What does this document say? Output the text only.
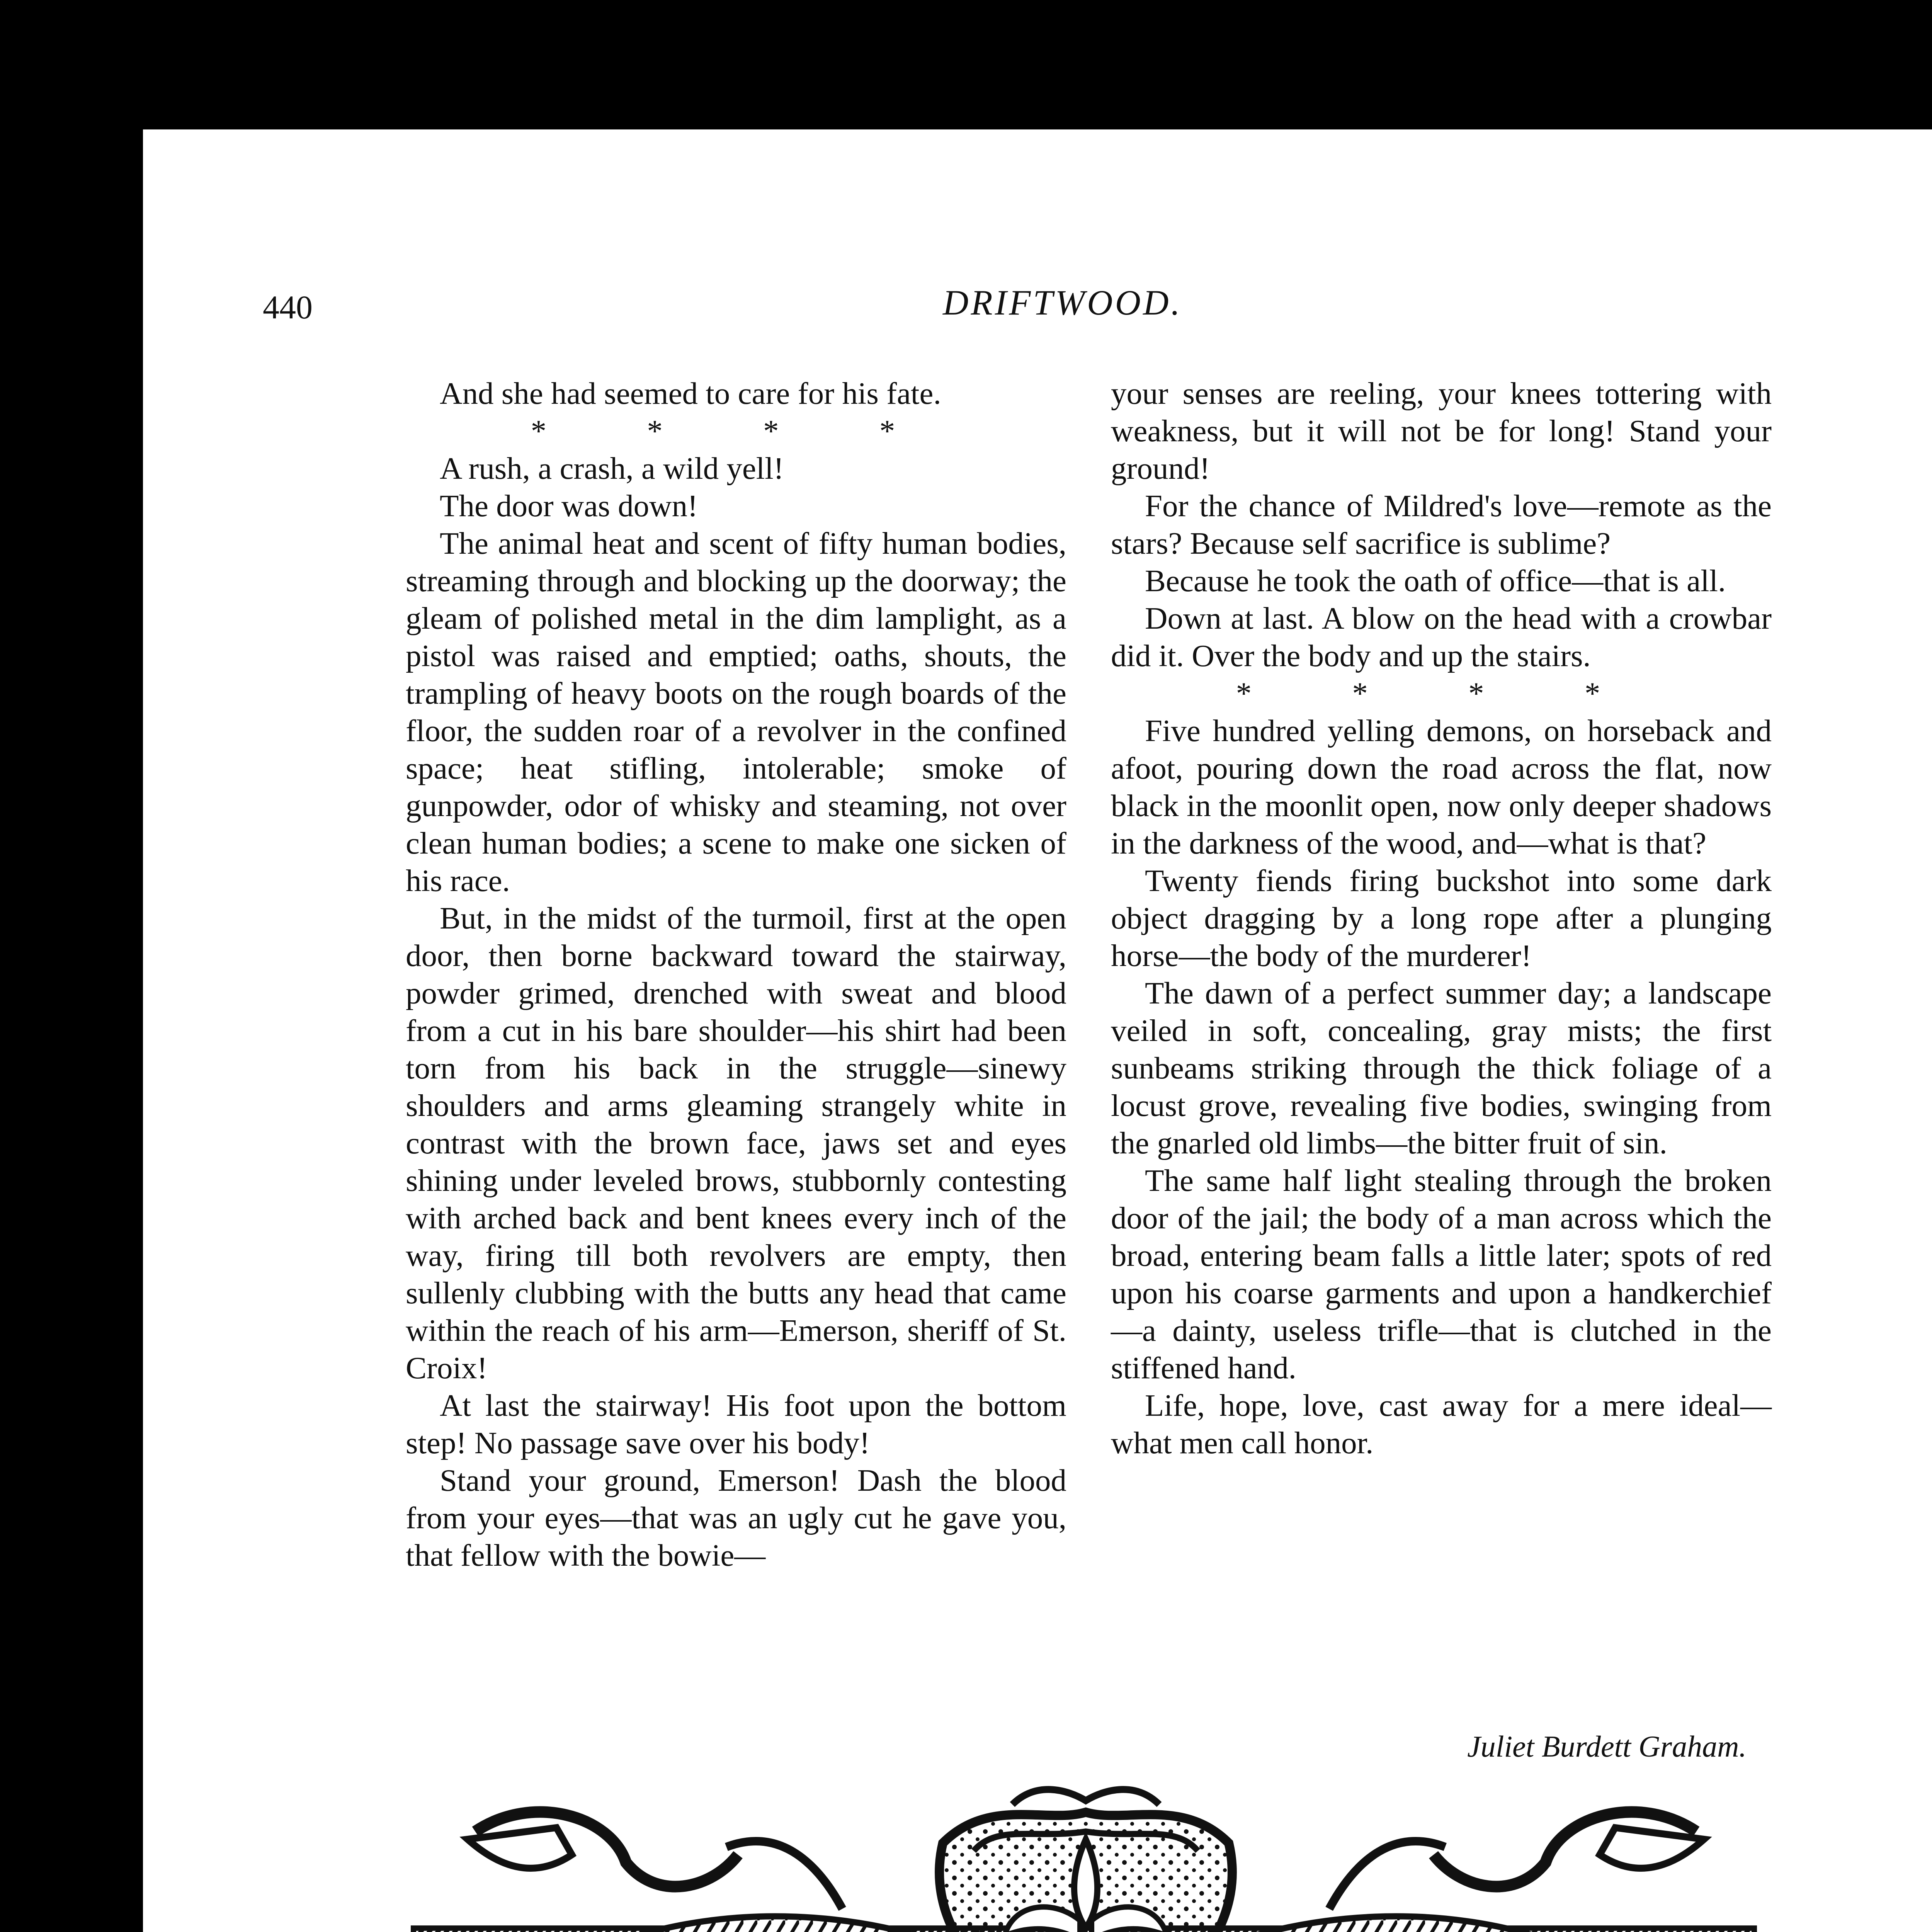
440	DRIFTWOOD.

And she had seemed to care for his fate.

* * * *

A rush, a crash, a wild yell!

The door was down!

The animal heat and scent of fifty human bodies, streaming through and blocking up the doorway; the gleam of polished metal in the dim lamplight, as a pistol was raised and emptied; oaths, shouts, the trampling of heavy boots on the rough boards of the floor, the sudden roar of a revolver in the confined space; heat stifling, intolerable; smoke of gunpowder, odor of whisky and steaming, not over clean human bodies; a scene to make one sicken of his race.

But, in the midst of the turmoil, first at the open door, then borne backward toward the stairway, powder grimed, drenched with sweat and blood from a cut in his bare shoulder—his shirt had been torn from his back in the struggle—sinewy shoulders and arms gleaming strangely white in contrast with the brown face, jaws set and eyes shining under leveled brows, stubbornly contesting with arched back and bent knees every inch of the way, firing till both revolvers are empty, then sullenly clubbing with the butts any head that came within the reach of his arm—Emerson, sheriff of St. Croix!

At last the stairway! His foot upon the bottom step! No passage save over his body!

Stand your ground, Emerson! Dash the blood from your eyes—that was an ugly cut he gave you, that fellow with the bowie—

your senses are reeling, your knees tottering with weakness, but it will not be for long! Stand your ground!

For the chance of Mildred's love—remote as the stars? Because self sacrifice is sublime?

Because he took the oath of office—that is all.

Down at last. A blow on the head with a crowbar did it. Over the body and up the stairs.

* * * *

Five hundred yelling demons, on horseback and afoot, pouring down the road across the flat, now black in the moonlit open, now only deeper shadows in the darkness of the wood, and—what is that?

Twenty fiends firing buckshot into some dark object dragging by a long rope after a plunging horse—the body of the murderer!

The dawn of a perfect summer day; a landscape veiled in soft, concealing, gray mists; the first sunbeams striking through the thick foliage of a locust grove, revealing five bodies, swinging from the gnarled old limbs—the bitter fruit of sin.

The same half light stealing through the broken door of the jail; the body of a man across which the broad, entering beam falls a little later; spots of red upon his coarse garments and upon a handkerchief—a dainty, useless trifle—that is clutched in the stiffened hand.

Life, hope, love, cast away for a mere ideal—what men call honor.

Juliet Burdett Graham.
